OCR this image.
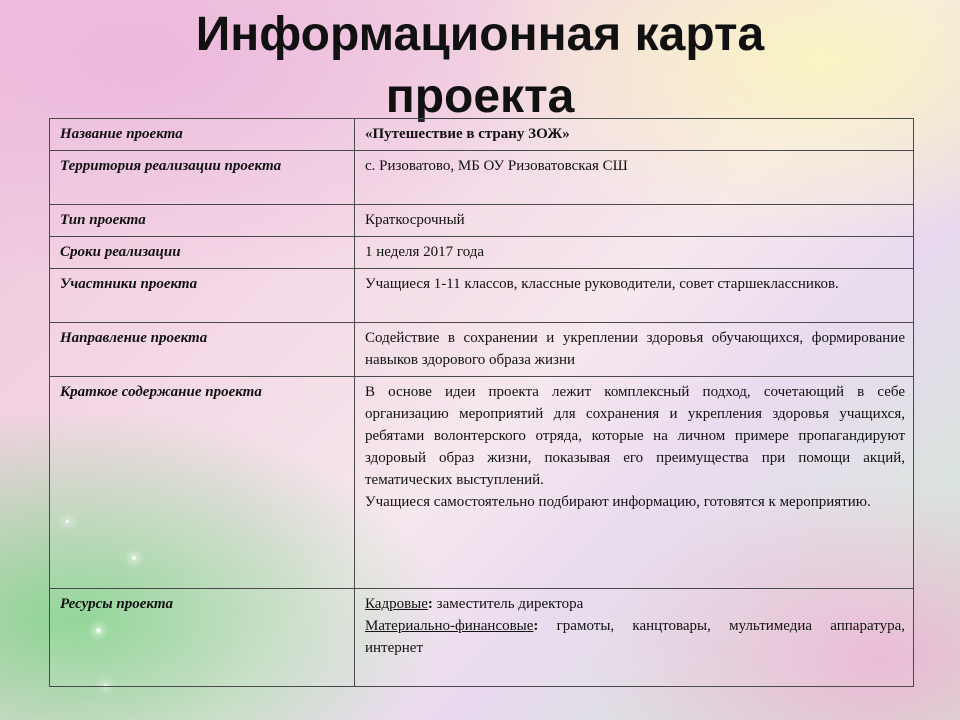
Информационная карта
проекта
Название проекта	«Путешествие в страну ЗОЖ»
Территория реализации проекта	с. Ризоватово, МБ ОУ Ризоватовская СШ
Тип проекта	Краткосрочный
Сроки реализации	1 неделя 2017 года
Участники проекта	Учащиеся 1-11 классов, классные руководители, совет старшеклассников.
Направление проекта	Содействие в сохранении и укреплении здоровья обучающихся, формирование навыков здорового образа жизни
Краткое содержание проекта	В основе идеи проекта лежит комплексный подход, сочетающий в себе организацию мероприятий для сохранения и укрепления здоровья учащихся, ребятами волонтерского отряда, которые на личном примере пропагандируют здоровый образ жизни, показывая его преимущества при помощи акций, тематических выступлений.

Учащиеся самостоятельно подбирают информацию, готовятся к мероприятию.

Ресурсы проекта	Кадровые: заместитель директора

Материально-финансовые: грамоты, канцтовары, мультимедиа аппаратура, интернет
